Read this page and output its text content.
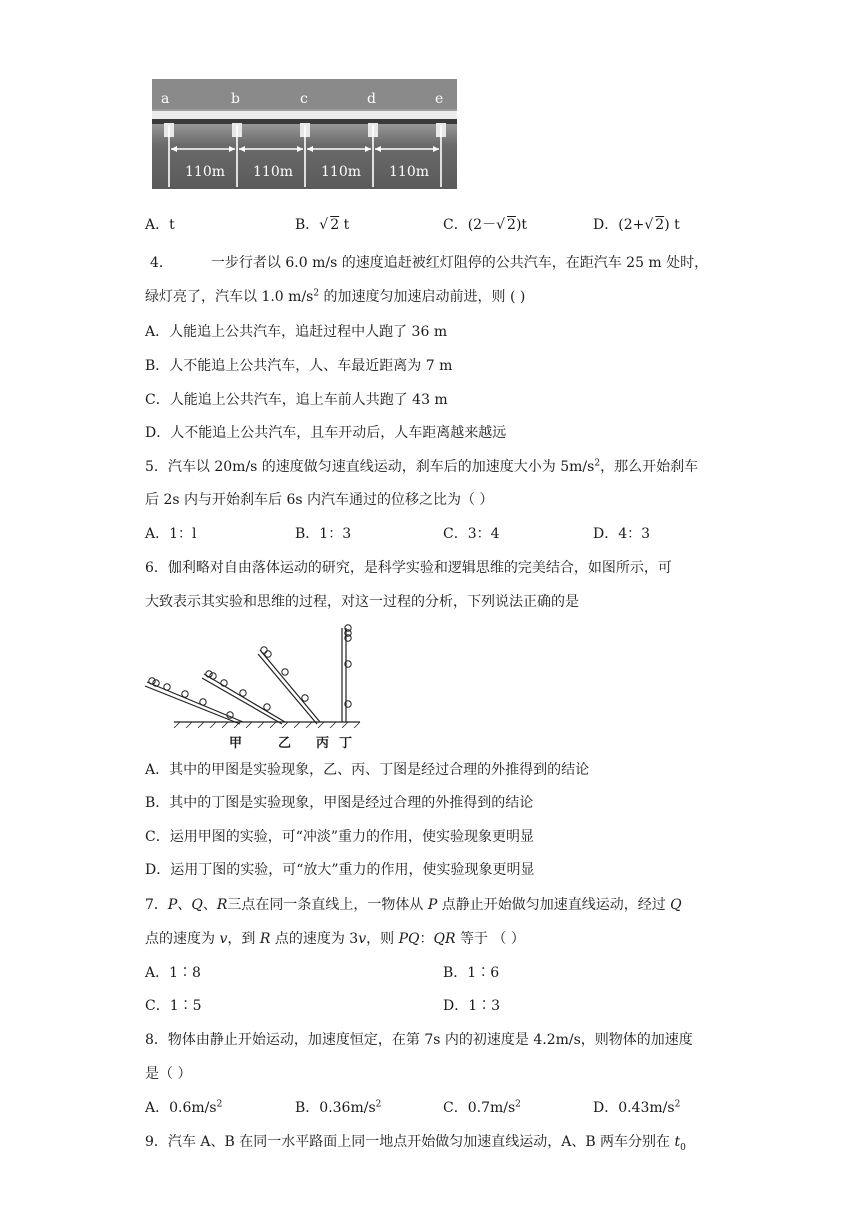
a	b	c	d	e
110m 110m 110m 110m
A．t	B．√ 2 t	C．(2－√ 2)t	D．(2+√ 2) t
4．	一步行者以 6.0 m/s 的速度追赶被红灯阻停的公共汽车，在距汽车 25 m 处时，
绿灯亮了，汽车以 1.0 $m/s^2$ 的加速度匀加速启动前进，则 ( )
A．人能追上公共汽车，追赶过程中人跑了 36 m
B．人不能追上公共汽车，人、车最近距离为 7 m
C．人能追上公共汽车，追上车前人共跑了 43 m
D．人不能追上公共汽车，且车开动后，人车距离越来越远
5．汽车以 20m/s 的速度做匀速直线运动，刹车后的加速度大小为 $5m/s^2$，那么开始刹车
后 2s 内与开始刹车后 6s 内汽车通过的位移之比为（ ）
A．1：l	B．1：3	C．3：4	D．4：3
6．伽利略对自由落体运动的研究，是科学实验和逻辑思维的完美结合，如图所示，可
大致表示其实验和思维的过程，对这一过程的分析，下列说法正确的是
甲	乙 丙 丁
A．其中的甲图是实验现象，乙、丙、丁图是经过合理的外推得到的结论
B．其中的丁图是实验现象，甲图是经过合理的外推得到的结论
C．运用甲图的实验，可“冲淡”重力的作用，使实验现象更明显
D．运用丁图的实验，可“放大”重力的作用，使实验现象更明显
7．P、Q、R三点在同一条直线上，一物体从 P 点静止开始做匀加速直线运动，经过 Q
点的速度为 v，到 R 点的速度为 3v，则 PQ：QR 等于 （ ）
A．1∶8	B．1∶6
C．1∶5	D．1∶3
8．物体由静止开始运动，加速度恒定，在第 7s 内的初速度是 4.2m/s，则物体的加速度
是（ ）
A．$0.6m/s^2$	B．$0.36m/s^2$	C．$0.7m/s^2$	D．$0.43m/s^2$
9．汽车 A、B 在同一水平路面上同一地点开始做匀加速直线运动，A、B 两车分别在 $t_0$
